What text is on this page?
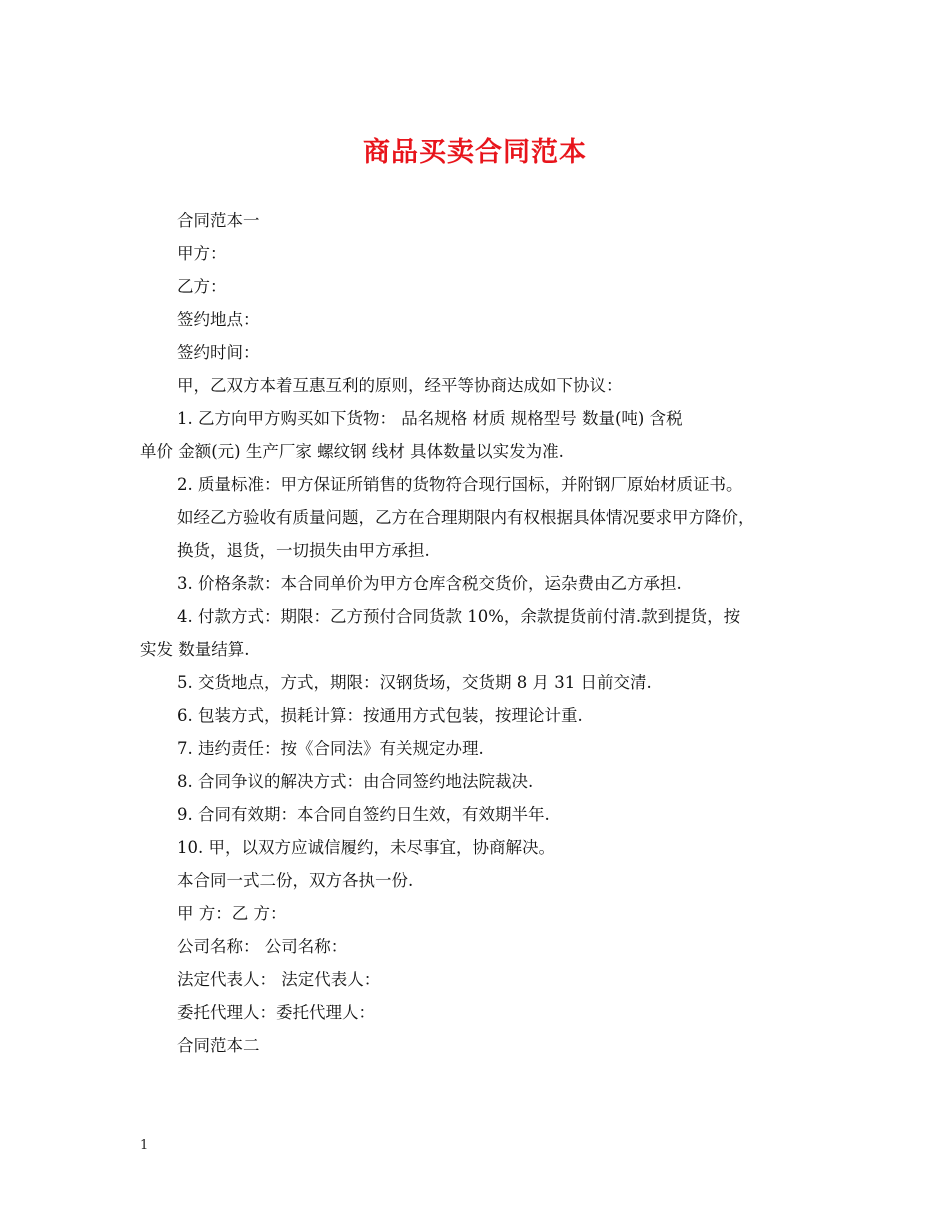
商品买卖合同范本
合同范本一
甲方：
乙方：
签约地点：
签约时间：
甲，乙双方本着互惠互利的原则，经平等协商达成如下协议：
1. 乙方向甲方购买如下货物： 品名规格 材质 规格型号 数量(吨) 含税
单价 金额(元) 生产厂家 螺纹钢 线材 具体数量以实发为准.
2. 质量标准：甲方保证所销售的货物符合现行国标，并附钢厂原始材质证书。
如经乙方验收有质量问题，乙方在合理期限内有权根据具体情况要求甲方降价，
换货，退货，一切损失由甲方承担.
3. 价格条款：本合同单价为甲方仓库含税交货价，运杂费由乙方承担.
4. 付款方式：期限：乙方预付合同货款 10%，余款提货前付清.款到提货，按
实发 数量结算.
5. 交货地点，方式，期限：汉钢货场，交货期 8 月 31 日前交清.
6. 包装方式，损耗计算：按通用方式包装，按理论计重.
7. 违约责任：按《合同法》有关规定办理.
8. 合同争议的解决方式：由合同签约地法院裁决.
9. 合同有效期：本合同自签约日生效，有效期半年.
10. 甲，以双方应诚信履约，未尽事宜，协商解决。
本合同一式二份，双方各执一份.
甲 方：乙 方：
公司名称： 公司名称：
法定代表人： 法定代表人：
委托代理人：委托代理人：
合同范本二
1
